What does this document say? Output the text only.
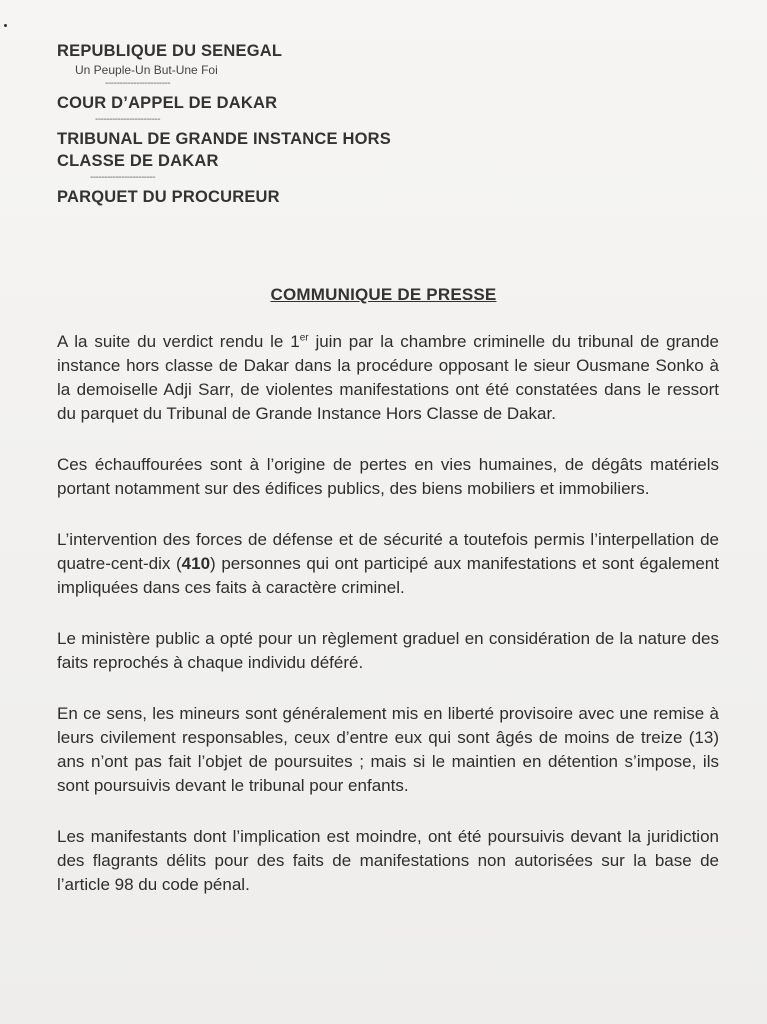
REPUBLIQUE DU SENEGAL
Un Peuple-Un But-Une Foi
-----------------------
COUR D’APPEL DE DAKAR
-----------------------
TRIBUNAL DE GRANDE INSTANCE HORS
CLASSE DE DAKAR
-----------------------
PARQUET DU PROCUREUR
COMMUNIQUE DE PRESSE

A la suite du verdict rendu le 1er juin par la chambre criminelle du tribunal de grande instance hors classe de Dakar dans la procédure opposant le sieur Ousmane Sonko à la demoiselle Adji Sarr, de violentes manifestations ont été constatées dans le ressort du parquet du Tribunal de Grande Instance Hors Classe de Dakar.

Ces échauffourées sont à l’origine de pertes en vies humaines, de dégâts matériels portant notamment sur des édifices publics, des biens mobiliers et immobiliers.

L’intervention des forces de défense et de sécurité a toutefois permis l’interpellation de quatre-cent-dix (410) personnes qui ont participé aux manifestations et sont également impliquées dans ces faits à caractère criminel.

Le ministère public a opté pour un règlement graduel en considération de la nature des faits reprochés à chaque individu déféré.

En ce sens, les mineurs sont généralement mis en liberté provisoire avec une remise à leurs civilement responsables, ceux d’entre eux qui sont âgés de moins de treize (13) ans n’ont pas fait l’objet de poursuites ; mais si le maintien en détention s’impose, ils sont poursuivis devant le tribunal pour enfants.

Les manifestants dont l’implication est moindre, ont été poursuivis devant la juridiction des flagrants délits pour des faits de manifestations non autorisées sur la base de l’article 98 du code pénal.
